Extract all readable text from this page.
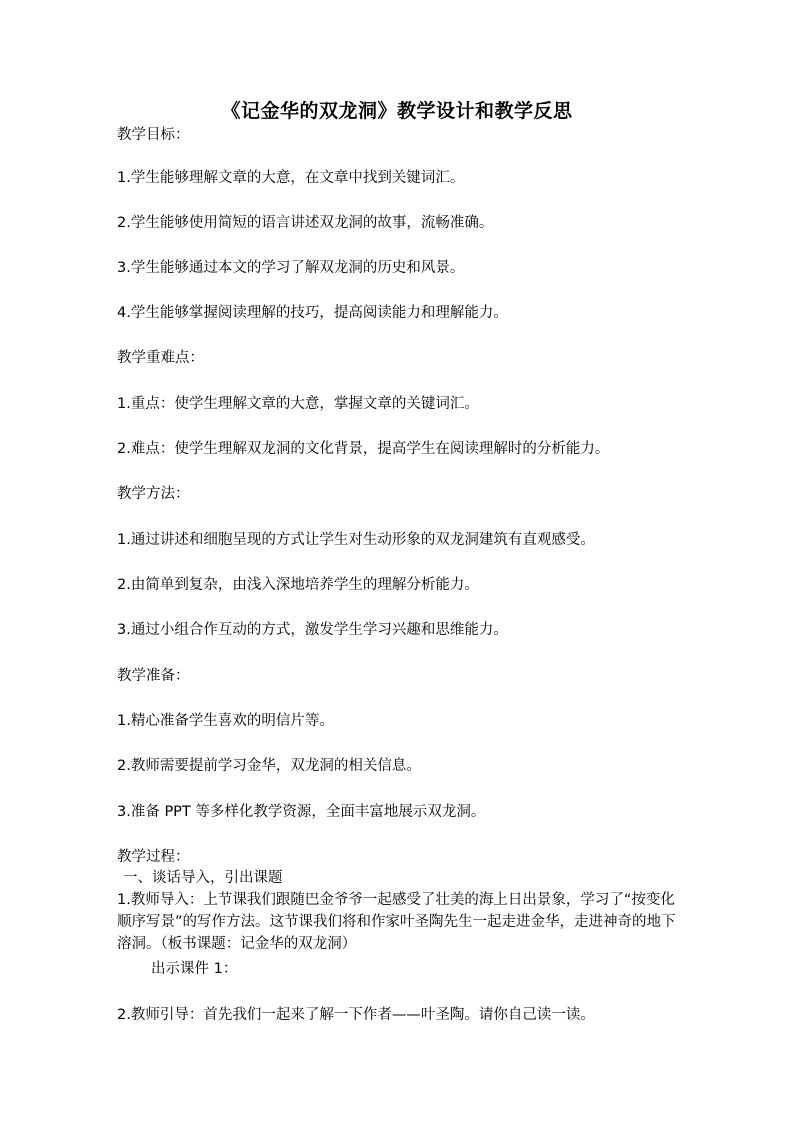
《记金华的双龙洞》教学设计和教学反思
教学目标：
1.学生能够理解文章的大意，在文章中找到关键词汇。
2.学生能够使用简短的语言讲述双龙洞的故事，流畅准确。
3.学生能够通过本文的学习了解双龙洞的历史和风景。
4.学生能够掌握阅读理解的技巧，提高阅读能力和理解能力。
教学重难点：
1.重点：使学生理解文章的大意，掌握文章的关键词汇。
2.难点：使学生理解双龙洞的文化背景，提高学生在阅读理解时的分析能力。
教学方法：
1.通过讲述和细胞呈现的方式让学生对生动形象的双龙洞建筑有直观感受。
2.由简单到复杂，由浅入深地培养学生的理解分析能力。
3.通过小组合作互动的方式，激发学生学习兴趣和思维能力。
教学准备：
1.精心准备学生喜欢的明信片等。
2.教师需要提前学习金华，双龙洞的相关信息。
3.准备 PPT 等多样化教学资源，全面丰富地展示双龙洞。
教学过程：
一、谈话导入，引出课题
1.教师导入：上节课我们跟随巴金爷爷一起感受了壮美的海上日出景象，学习了“按变化顺序写景”的写作方法。这节课我们将和作家叶圣陶先生一起走进金华，走进神奇的地下溶洞。（板书课题：记金华的双龙洞）
出示课件 1：
2.教师引导：首先我们一起来了解一下作者——叶圣陶。请你自己读一读。
